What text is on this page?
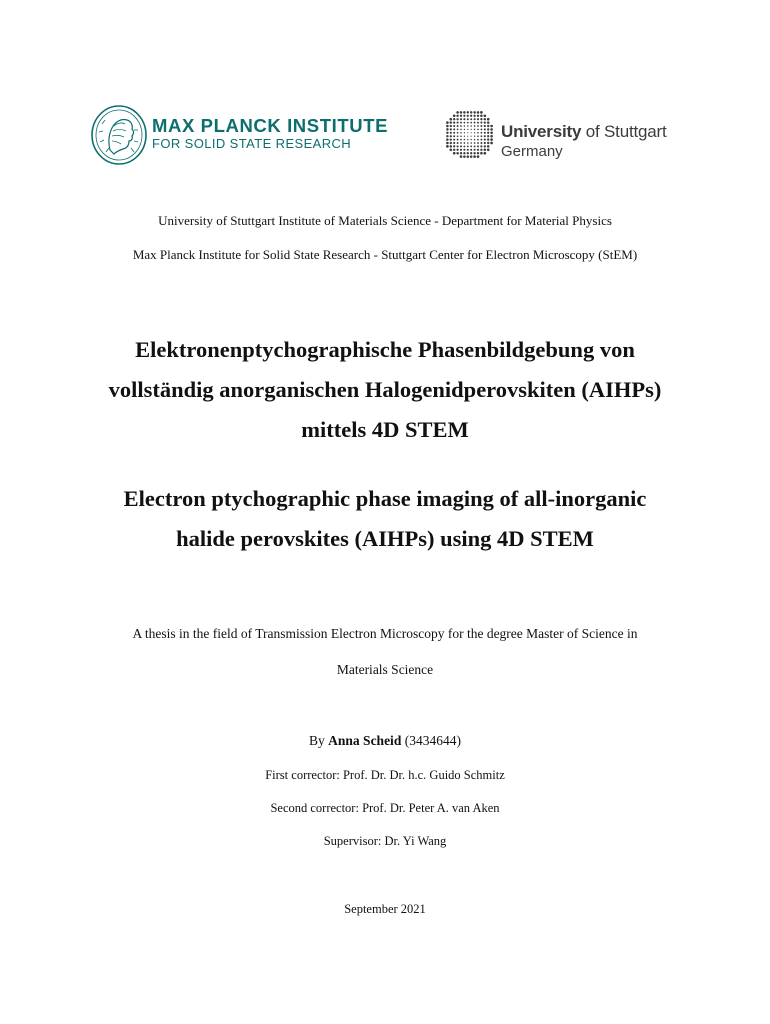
MAX PLANCK INSTITUTE
FOR SOLID STATE RESEARCH
University of Stuttgart
Germany
University of Stuttgart Institute of Materials Science - Department for Material Physics
Max Planck Institute for Solid State Research - Stuttgart Center for Electron Microscopy (StEM)
Elektronenptychographische Phasenbildgebung von
vollständig anorganischen Halogenidperovskiten (AIHPs)
mittels 4D STEM
Electron ptychographic phase imaging of all-inorganic
halide perovskites (AIHPs) using 4D STEM
A thesis in the field of Transmission Electron Microscopy for the degree Master of Science in
Materials Science
By Anna Scheid (3434644)
First corrector: Prof. Dr. Dr. h.c. Guido Schmitz
Second corrector: Prof. Dr. Peter A. van Aken
Supervisor: Dr. Yi Wang
September 2021
